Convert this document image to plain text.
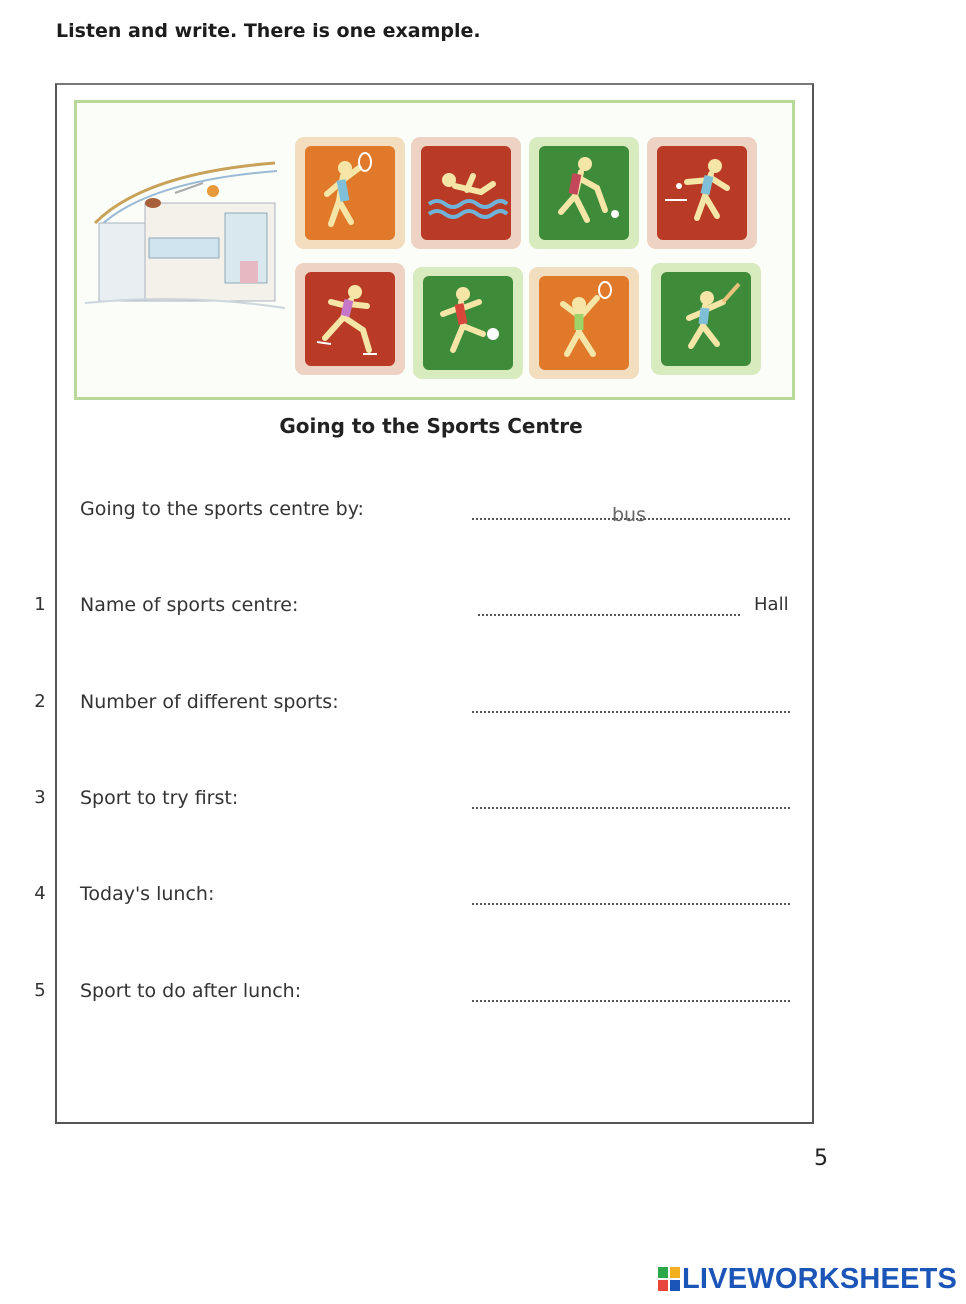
Listen and write. There is one example.
Going to the Sports Centre
Going to the sports centre by:	bus
1 Name of sports centre:	Hall
2 Number of different sports:
3 Sport to try first:
4 Today's lunch:
5 Sport to do after lunch:
5
LIVEWORKSHEETS
